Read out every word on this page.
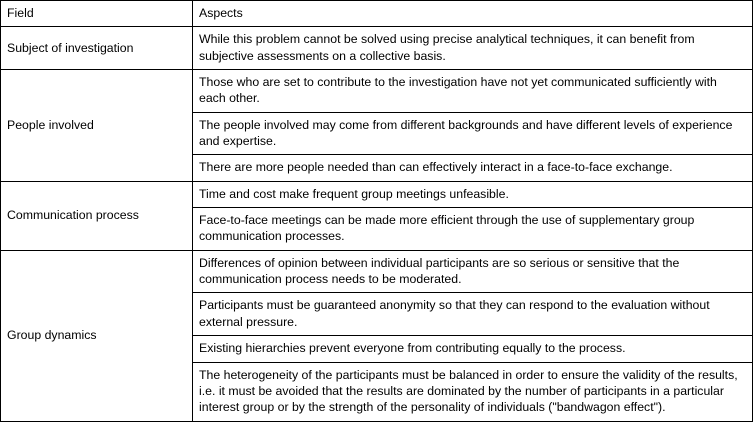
Field	Aspects
Subject of investigation	While this problem cannot be solved using precise analytical techniques, it can benefit from subjective assessments on a collective basis.
People involved	Those who are set to contribute to the investigation have not yet communicated sufficiently with each other.
	The people involved may come from different backgrounds and have different levels of experience and expertise.
	There are more people needed than can effectively interact in a face-to-face exchange.
Communication process	Time and cost make frequent group meetings unfeasible.
	Face-to-face meetings can be made more efficient through the use of supplementary group communication processes.
Group dynamics	Differences of opinion between individual participants are so serious or sensitive that the communication process needs to be moderated.
	Participants must be guaranteed anonymity so that they can respond to the evaluation without external pressure.
	Existing hierarchies prevent everyone from contributing equally to the process.
	The heterogeneity of the participants must be balanced in order to ensure the validity of the results, i.e. it must be avoided that the results are dominated by the number of participants in a particular interest group or by the strength of the personality of individuals ("bandwagon effect").
